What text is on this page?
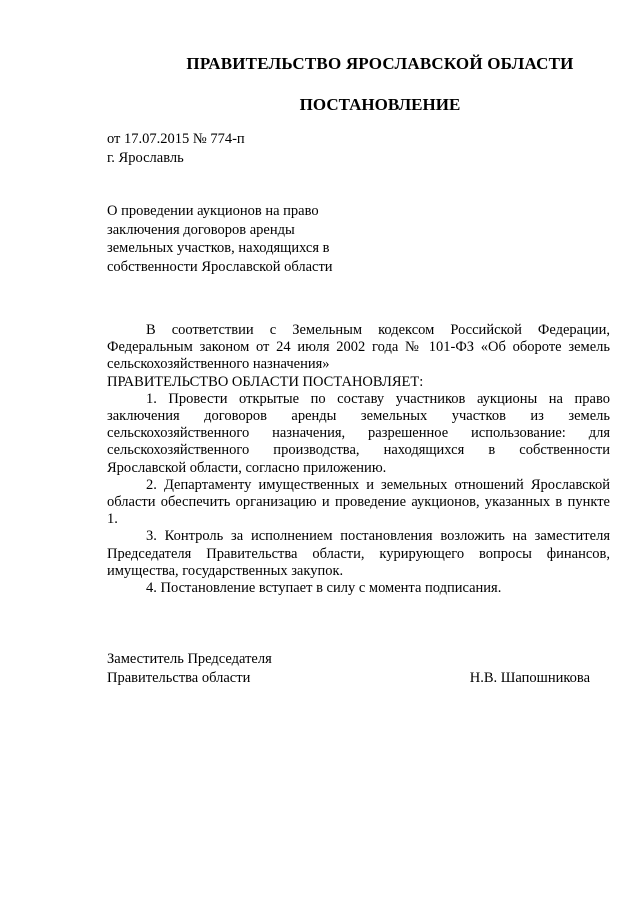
ПРАВИТЕЛЬСТВО ЯРОСЛАВСКОЙ ОБЛАСТИ
ПОСТАНОВЛЕНИЕ
от 17.07.2015 № 774-п
г. Ярославль
О проведении аукционов на право заключения договоров аренды земельных участков, находящихся в собственности Ярославской области

В соответствии с Земельным кодексом Российской Федерации, Федеральным законом от 24 июля 2002 года № 101-ФЗ «Об обороте земель сельскохозяйственного назначения»

ПРАВИТЕЛЬСТВО ОБЛАСТИ ПОСТАНОВЛЯЕТ:

1. Провести открытые по составу участников аукционы на право заключения договоров аренды земельных участков из земель сельскохозяйственного назначения, разрешенное использование: для сельскохозяйственного производства, находящихся в собственности Ярославской области, согласно приложению.

2. Департаменту имущественных и земельных отношений Ярославской области обеспечить организацию и проведение аукционов, указанных в пункте 1.

3. Контроль за исполнением постановления возложить на заместителя Председателя Правительства области, курирующего вопросы финансов, имущества, государственных закупок.

4. Постановление вступает в силу с момента подписания.

Заместитель Председателя
Правительства области	Н.В. Шапошникова
